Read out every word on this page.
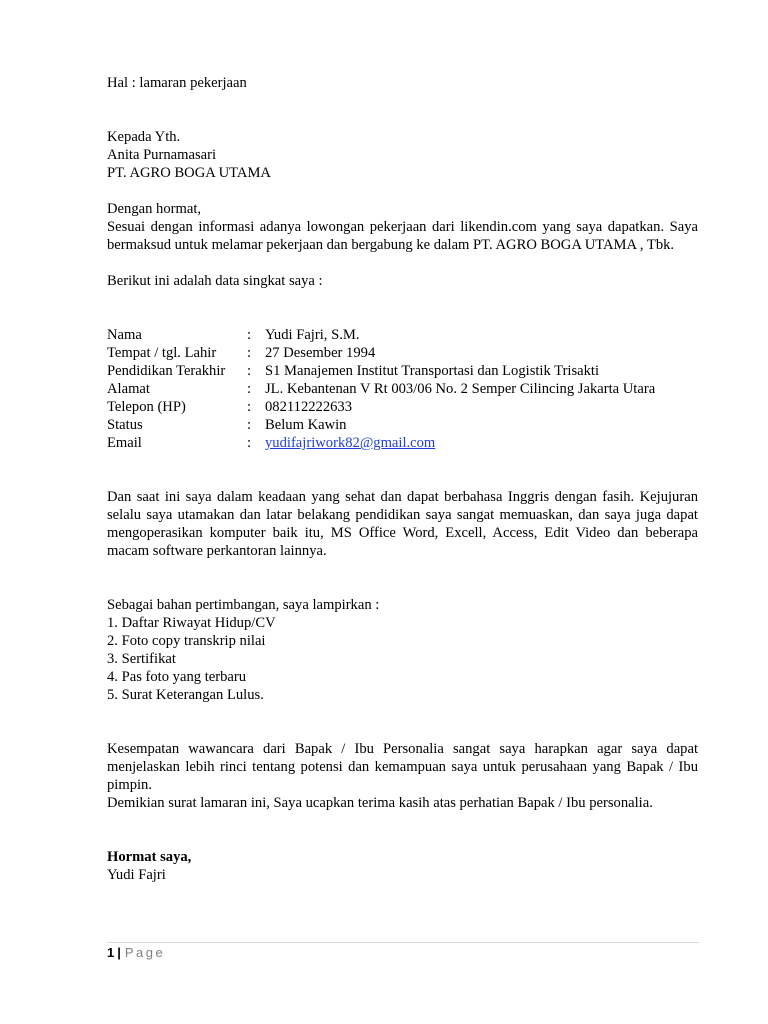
Hal : lamaran pekerjaan

Kepada Yth.

Anita Purnamasari

PT. AGRO BOGA UTAMA

Dengan hormat,

Sesuai dengan informasi adanya lowongan pekerjaan dari likendin.com yang saya dapatkan. Saya bermaksud untuk melamar pekerjaan dan bergabung ke dalam PT. AGRO BOGA UTAMA , Tbk.

Berikut ini adalah data singkat saya :

Nama	: Yudi Fajri, S.M.
Tempat / tgl. Lahir	: 27 Desember 1994
Pendidikan Terakhir	: S1 Manajemen Institut Transportasi dan Logistik Trisakti
Alamat	: JL. Kebantenan V Rt 003/06 No. 2 Semper Cilincing Jakarta Utara
Telepon (HP)	: 082112222633
Status	: Belum Kawin
Email	: yudifajriwork82@gmail.com

Dan saat ini saya dalam keadaan yang sehat dan dapat berbahasa Inggris dengan fasih. Kejujuran selalu saya utamakan dan latar belakang pendidikan saya sangat memuaskan, dan saya juga dapat mengoperasikan komputer baik itu, MS Office Word, Excell, Access, Edit Video dan beberapa macam software perkantoran lainnya.

Sebagai bahan pertimbangan, saya lampirkan :

1. Daftar Riwayat Hidup/CV

2. Foto copy transkrip nilai

3. Sertifikat

4. Pas foto yang terbaru

5. Surat Keterangan Lulus.

Kesempatan wawancara dari Bapak / Ibu Personalia sangat saya harapkan agar saya dapat menjelaskan lebih rinci tentang potensi dan kemampuan saya untuk perusahaan yang Bapak / Ibu pimpin.

Demikian surat lamaran ini, Saya ucapkan terima kasih atas perhatian Bapak / Ibu personalia.

Hormat saya,

Yudi Fajri

1 | Page
